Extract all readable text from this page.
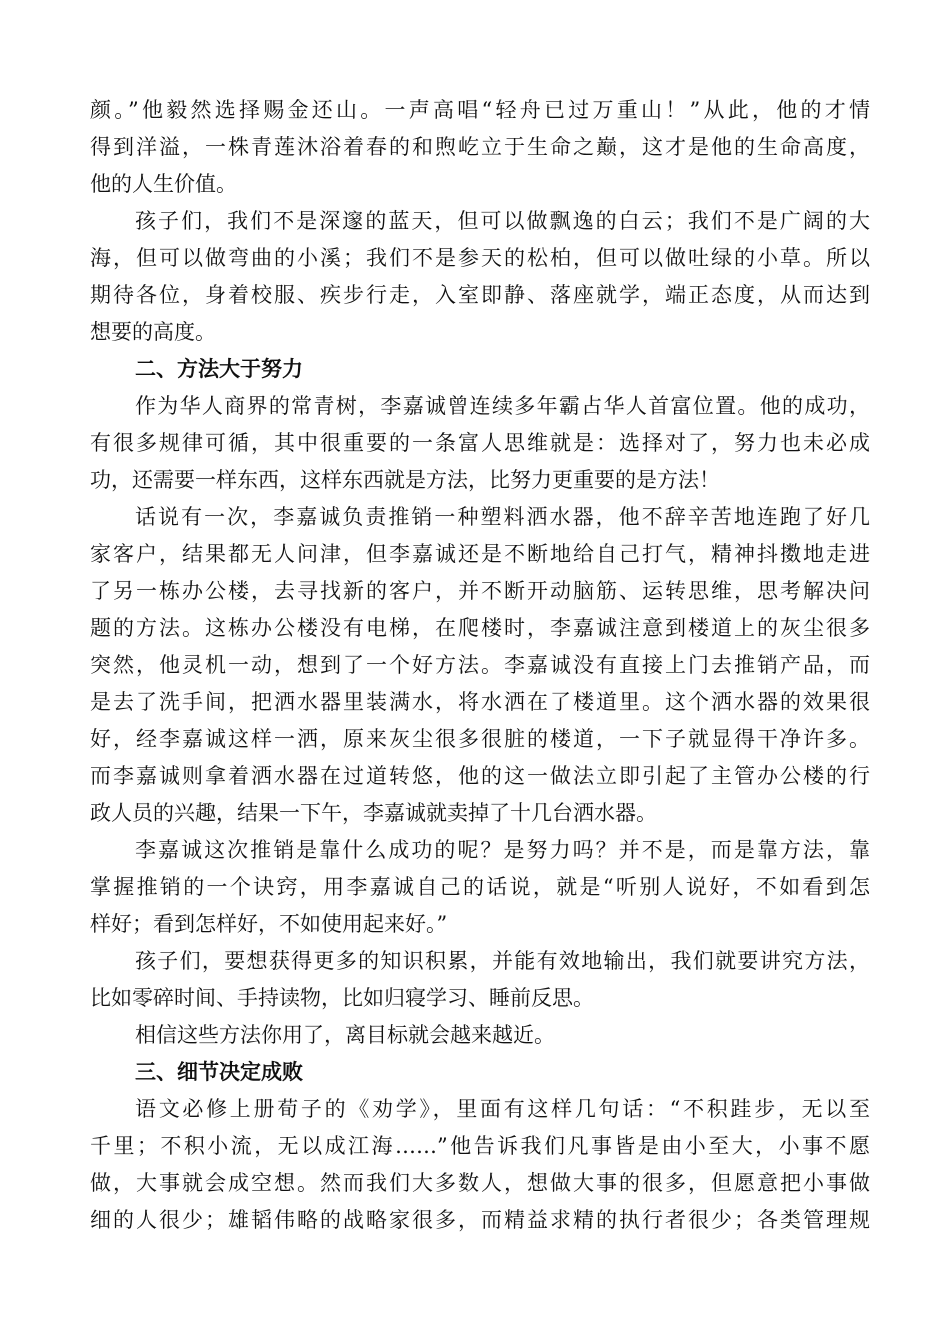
颜。”他毅然选择赐金还山。一声高唱“轻舟已过万重山！”从此，他的才情
得到洋溢，一株青莲沐浴着春的和煦屹立于生命之巅，这才是他的生命高度，
他的人生价值。
孩子们，我们不是深邃的蓝天，但可以做飘逸的白云；我们不是广阔的大
海，但可以做弯曲的小溪；我们不是参天的松柏，但可以做吐绿的小草。所以
期待各位，身着校服、疾步行走，入室即静、落座就学，端正态度，从而达到
想要的高度。
二、方法大于努力
作为华人商界的常青树，李嘉诚曾连续多年霸占华人首富位置。他的成功，
有很多规律可循，其中很重要的一条富人思维就是：选择对了，努力也未必成
功，还需要一样东西，这样东西就是方法，比努力更重要的是方法！
话说有一次，李嘉诚负责推销一种塑料洒水器，他不辞辛苦地连跑了好几
家客户，结果都无人问津，但李嘉诚还是不断地给自己打气，精神抖擞地走进
了另一栋办公楼，去寻找新的客户，并不断开动脑筋、运转思维，思考解决问
题的方法。这栋办公楼没有电梯，在爬楼时，李嘉诚注意到楼道上的灰尘很多
突然，他灵机一动，想到了一个好方法。李嘉诚没有直接上门去推销产品，而
是去了洗手间，把洒水器里装满水，将水洒在了楼道里。这个洒水器的效果很
好，经李嘉诚这样一洒，原来灰尘很多很脏的楼道，一下子就显得干净许多。
而李嘉诚则拿着洒水器在过道转悠，他的这一做法立即引起了主管办公楼的行
政人员的兴趣，结果一下午，李嘉诚就卖掉了十几台洒水器。
李嘉诚这次推销是靠什么成功的呢？是努力吗？并不是，而是靠方法，靠
掌握推销的一个诀窍，用李嘉诚自己的话说，就是“听别人说好，不如看到怎
样好；看到怎样好，不如使用起来好。”
孩子们，要想获得更多的知识积累，并能有效地输出，我们就要讲究方法，
比如零碎时间、手持读物，比如归寝学习、睡前反思。
相信这些方法你用了，离目标就会越来越近。
三、细节决定成败
语文必修上册荀子的《劝学》，里面有这样几句话：“不积跬步，无以至
千里；不积小流，无以成江海……”他告诉我们凡事皆是由小至大，小事不愿
做，大事就会成空想。然而我们大多数人，想做大事的很多，但愿意把小事做
细的人很少；雄韬伟略的战略家很多，而精益求精的执行者很少；各类管理规
